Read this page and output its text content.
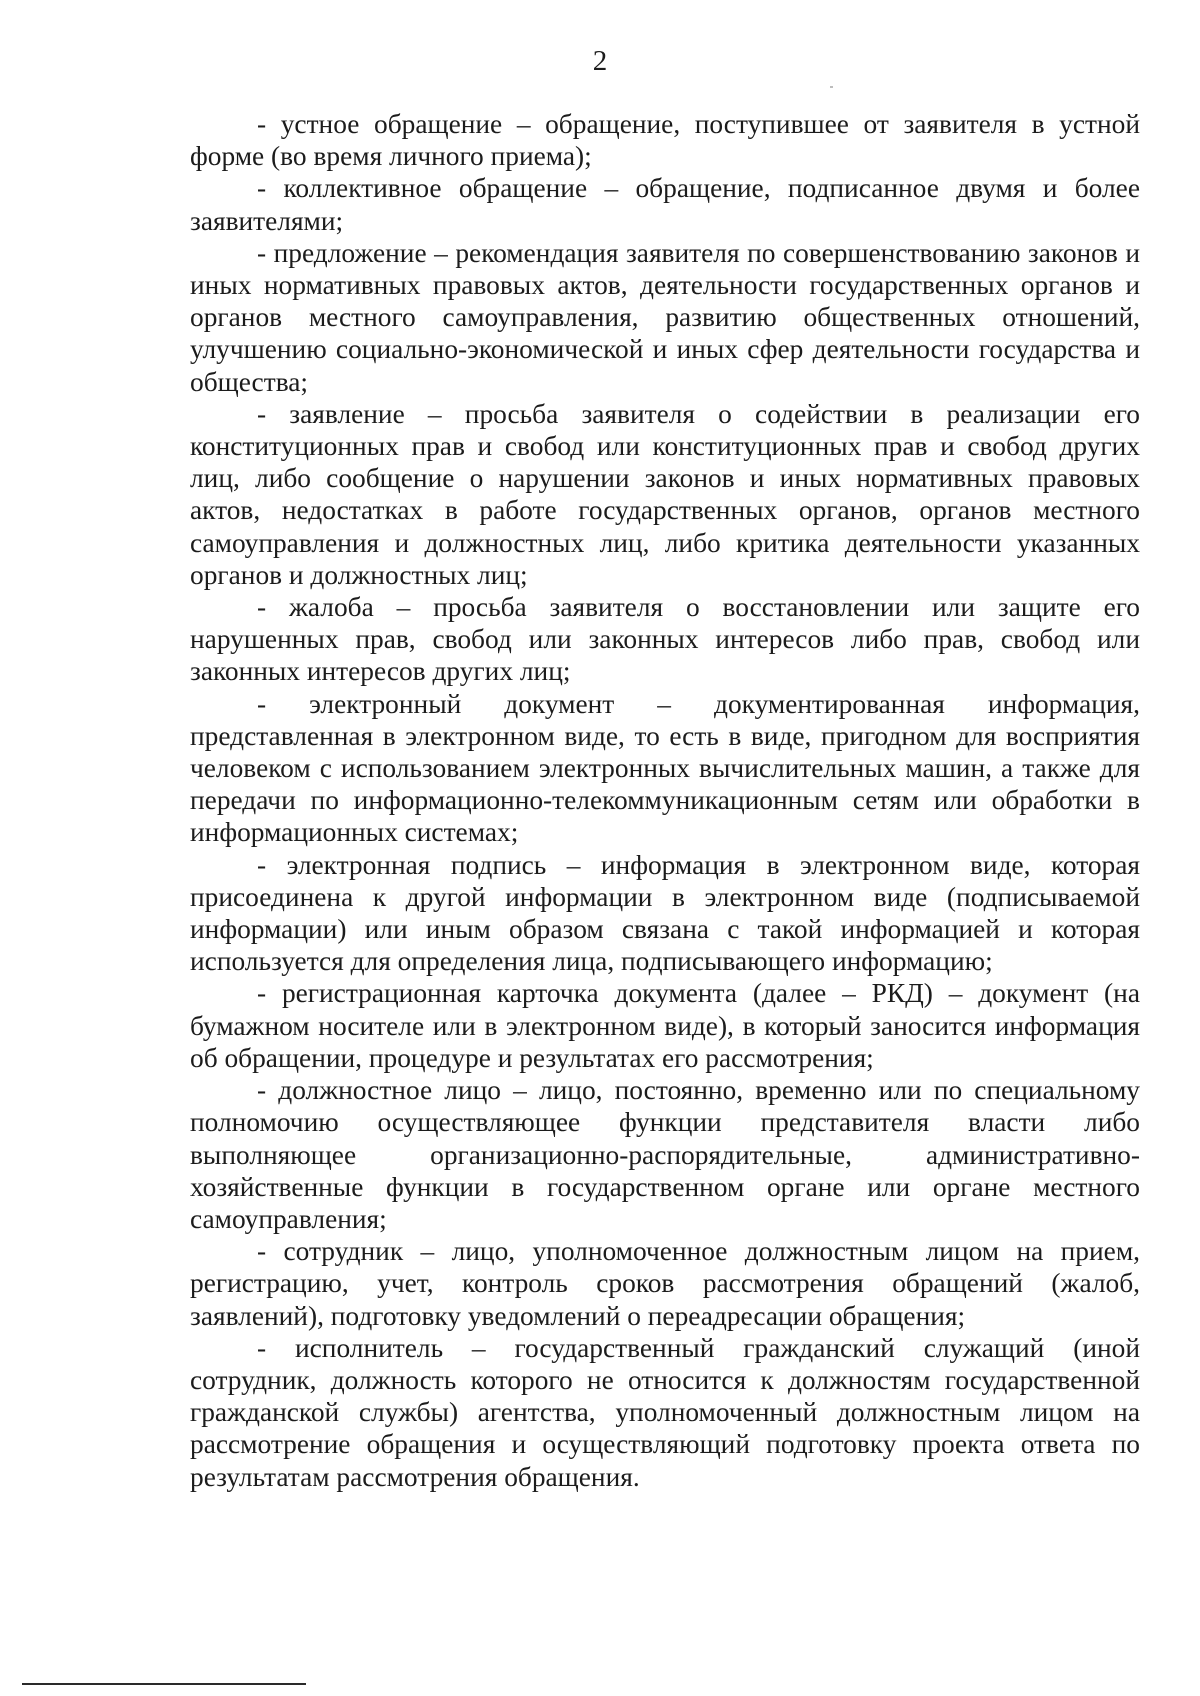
2

- устное обращение – обращение, поступившее от заявителя в устной форме (во время личного приема);

- коллективное обращение – обращение, подписанное двумя и более заявителями;

- предложение – рекомендация заявителя по совершенствованию законов и иных нормативных правовых актов, деятельности государственных органов и органов местного самоуправления, развитию общественных отношений, улучшению социально-экономической и иных сфер деятельности государства и общества;

- заявление – просьба заявителя о содействии в реализации его конституционных прав и свобод или конституционных прав и свобод других лиц, либо сообщение о нарушении законов и иных нормативных правовых актов, недостатках в работе государственных органов, органов местного самоуправления и должностных лиц, либо критика деятельности указанных органов и должностных лиц;

- жалоба – просьба заявителя о восстановлении или защите его нарушенных прав, свобод или законных интересов либо прав, свобод или законных интересов других лиц;

- электронный документ – документированная информация, представленная в электронном виде, то есть в виде, пригодном для восприятия человеком с использованием электронных вычислительных машин, а также для передачи по информационно-телекоммуникационным сетям или обработки в информационных системах;

- электронная подпись – информация в электронном виде, которая присоединена к другой информации в электронном виде (подписываемой информации) или иным образом связана с такой информацией и которая используется для определения лица, подписывающего информацию;

- регистрационная карточка документа (далее – РКД) – документ (на бумажном носителе или в электронном виде), в который заносится информация об обращении, процедуре и результатах его рассмотрения;

- должностное лицо – лицо, постоянно, временно или по специальному полномочию осуществляющее функции представителя власти либо выполняющее организационно-распорядительные, административно-хозяйственные функции в государственном органе или органе местного самоуправления;

- сотрудник – лицо, уполномоченное должностным лицом на прием, регистрацию, учет, контроль сроков рассмотрения обращений (жалоб, заявлений), подготовку уведомлений о переадресации обращения;

- исполнитель – государственный гражданский служащий (иной сотрудник, должность которого не относится к должностям государственной гражданской службы) агентства, уполномоченный должностным лицом на рассмотрение обращения и осуществляющий подготовку проекта ответа по результатам рассмотрения обращения.
